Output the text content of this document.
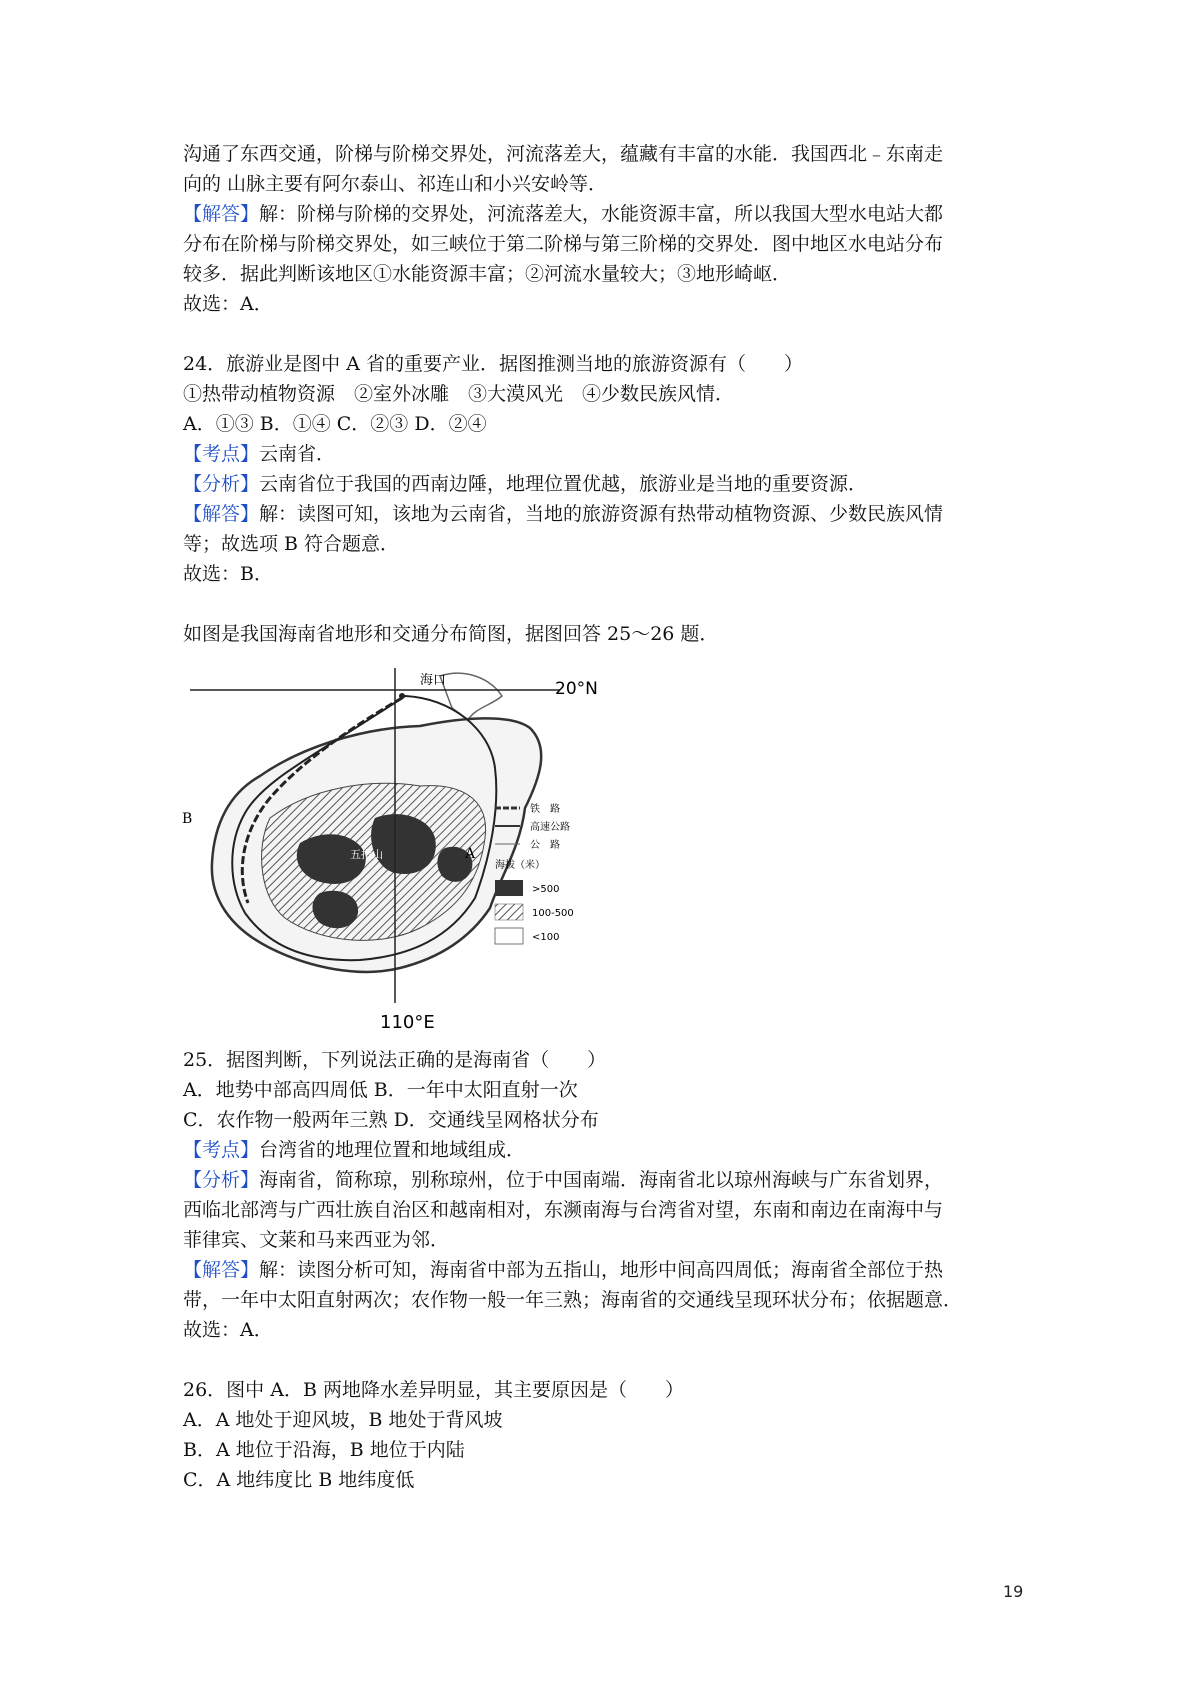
沟通了东西交通，阶梯与阶梯交界处，河流落差大，蕴藏有丰富的水能．我国西北﹣东南走
向的 山脉主要有阿尔泰山、祁连山和小兴安岭等．
【解答】解：阶梯与阶梯的交界处，河流落差大，水能资源丰富，所以我国大型水电站大都
分布在阶梯与阶梯交界处，如三峡位于第二阶梯与第三阶梯的交界处．图中地区水电站分布
较多．据此判断该地区①水能资源丰富；②河流水量较大；③地形崎岖．
故选：A．
24．旅游业是图中 A 省的重要产业．据图推测当地的旅游资源有（　　）
①热带动植物资源　②室外冰雕　③大漠风光　④少数民族风情．
A．①③ B．①④ C．②③ D．②④
【考点】云南省．
【分析】云南省位于我国的西南边陲，地理位置优越，旅游业是当地的重要资源．
【解答】解：读图可知，该地为云南省，当地的旅游资源有热带动植物资源、少数民族风情
等；故选项 B 符合题意．
故选：B．
如图是我国海南省地形和交通分布简图，据图回答 25～26 题．
海口	20°N
110°E
B
A
五指山
铁　路
高速公路
公　路
海拔（米）
>500
100-500
<100
25．据图判断，下列说法正确的是海南省（　　）
A．地势中部高四周低 B．一年中太阳直射一次
C．农作物一般两年三熟 D．交通线呈网格状分布
【考点】台湾省的地理位置和地域组成．
【分析】海南省，简称琼，别称琼州，位于中国南端．海南省北以琼州海峡与广东省划界，
西临北部湾与广西壮族自治区和越南相对，东濒南海与台湾省对望，东南和南边在南海中与
菲律宾、文莱和马来西亚为邻．
【解答】解：读图分析可知，海南省中部为五指山，地形中间高四周低；海南省全部位于热
带，一年中太阳直射两次；农作物一般一年三熟；海南省的交通线呈现环状分布；依据题意．
故选：A．
26．图中 A．B 两地降水差异明显，其主要原因是（　　）
A．A 地处于迎风坡，B 地处于背风坡
B．A 地位于沿海，B 地位于内陆
C．A 地纬度比 B 地纬度低
19
